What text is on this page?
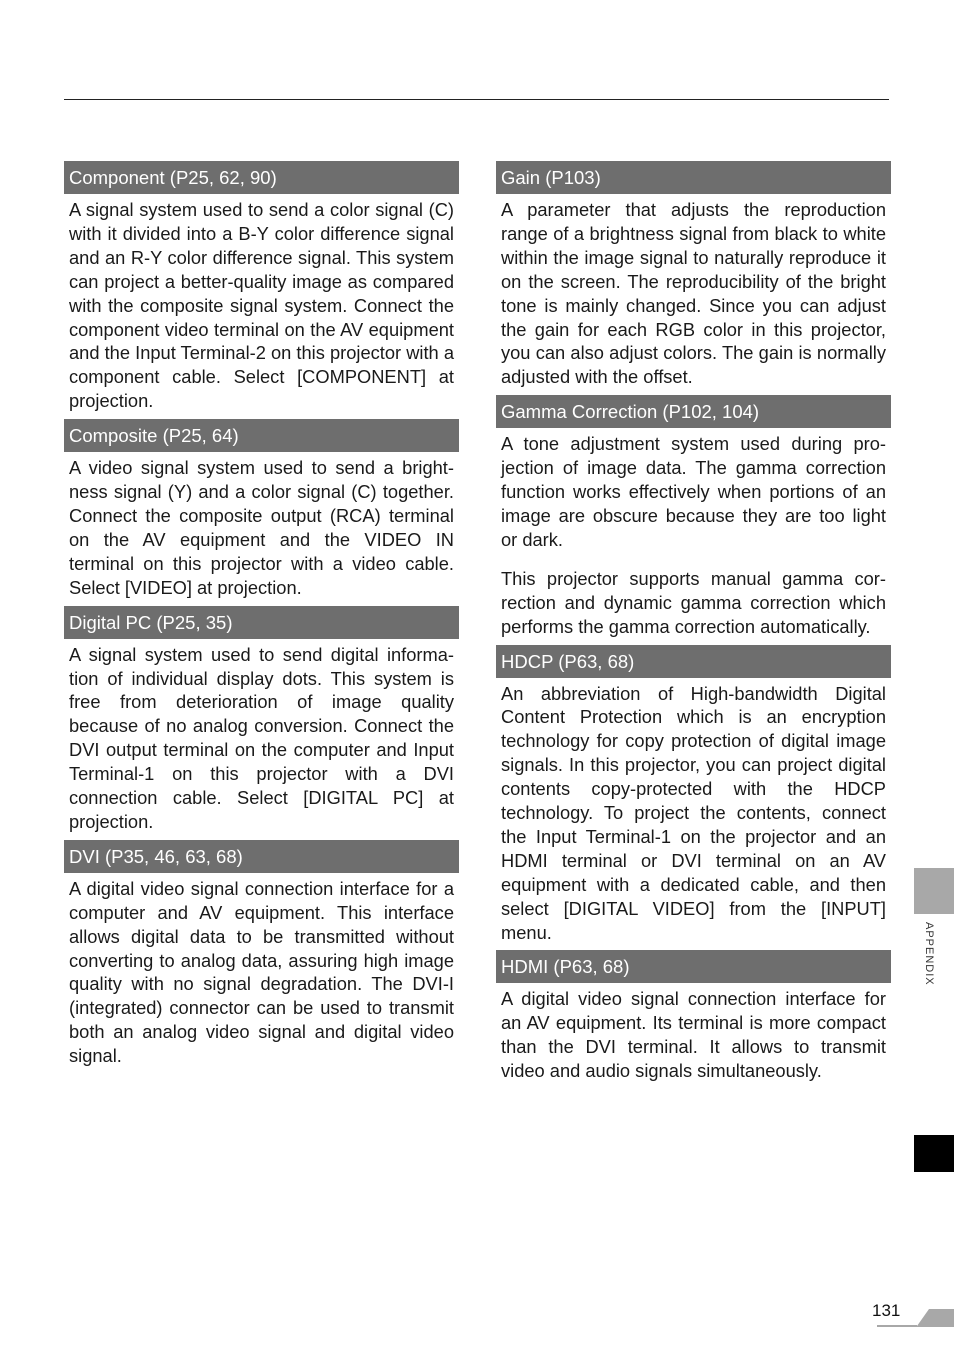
Component (P25, 62, 90)

A signal system used to send a color signal (C) with it divided into a B-Y color difference signal and an R-Y color difference signal. This system can project a better-quality image as compared with the composite signal system. Connect the component video terminal on the AV equipment and the Input Terminal-2 on this projector with a component cable. Select [COMPONENT] at projection.

Composite (P25, 64)

A video signal system used to send a brightness signal (Y) and a color signal (C) together. Connect the composite output (RCA) terminal on the AV equipment and the VIDEO IN terminal on this projector with a video cable. Select [VIDEO] at projection.

Digital PC (P25, 35)

A signal system used to send digital information of individual display dots. This system is free from deterioration of image quality because of no analog conversion. Connect the DVI output terminal on the computer and Input Terminal-1 on this projector with a DVI connection cable. Select [DIGITAL PC] at projection.

DVI (P35, 46, 63, 68)

A digital video signal connection interface for a computer and AV equipment. This interface allows digital data to be transmitted without converting to analog data, assuring high image quality with no signal degradation. The DVI-I (integrated) connector can be used to transmit both an analog video signal and digital video signal.

Gain (P103)

A parameter that adjusts the reproduction range of a brightness signal from black to white within the image signal to naturally reproduce it on the screen. The reproducibility of the bright tone is mainly changed. Since you can adjust the gain for each RGB color in this projector, you can also adjust colors. The gain is normally adjusted with the offset.

Gamma Correction (P102, 104)

A tone adjustment system used during projection of image data. The gamma correction function works effectively when portions of an image are obscure because they are too light or dark.

This projector supports manual gamma correction and dynamic gamma correction which performs the gamma correction automatically.

HDCP (P63, 68)

An abbreviation of High-bandwidth Digital Content Protection which is an encryption technology for copy protection of digital image signals. In this projector, you can project digital contents copy-protected with the HDCP technology. To project the contents, connect the Input Terminal-1 on the projector and an HDMI terminal or DVI terminal on an AV equipment with a dedicated cable, and then select [DIGITAL VIDEO] from the [INPUT] menu.

HDMI (P63, 68)

A digital video signal connection interface for an AV equipment. Its terminal is more compact than the DVI terminal. It allows to transmit video and audio signals simultaneously.

APPENDIX
131
